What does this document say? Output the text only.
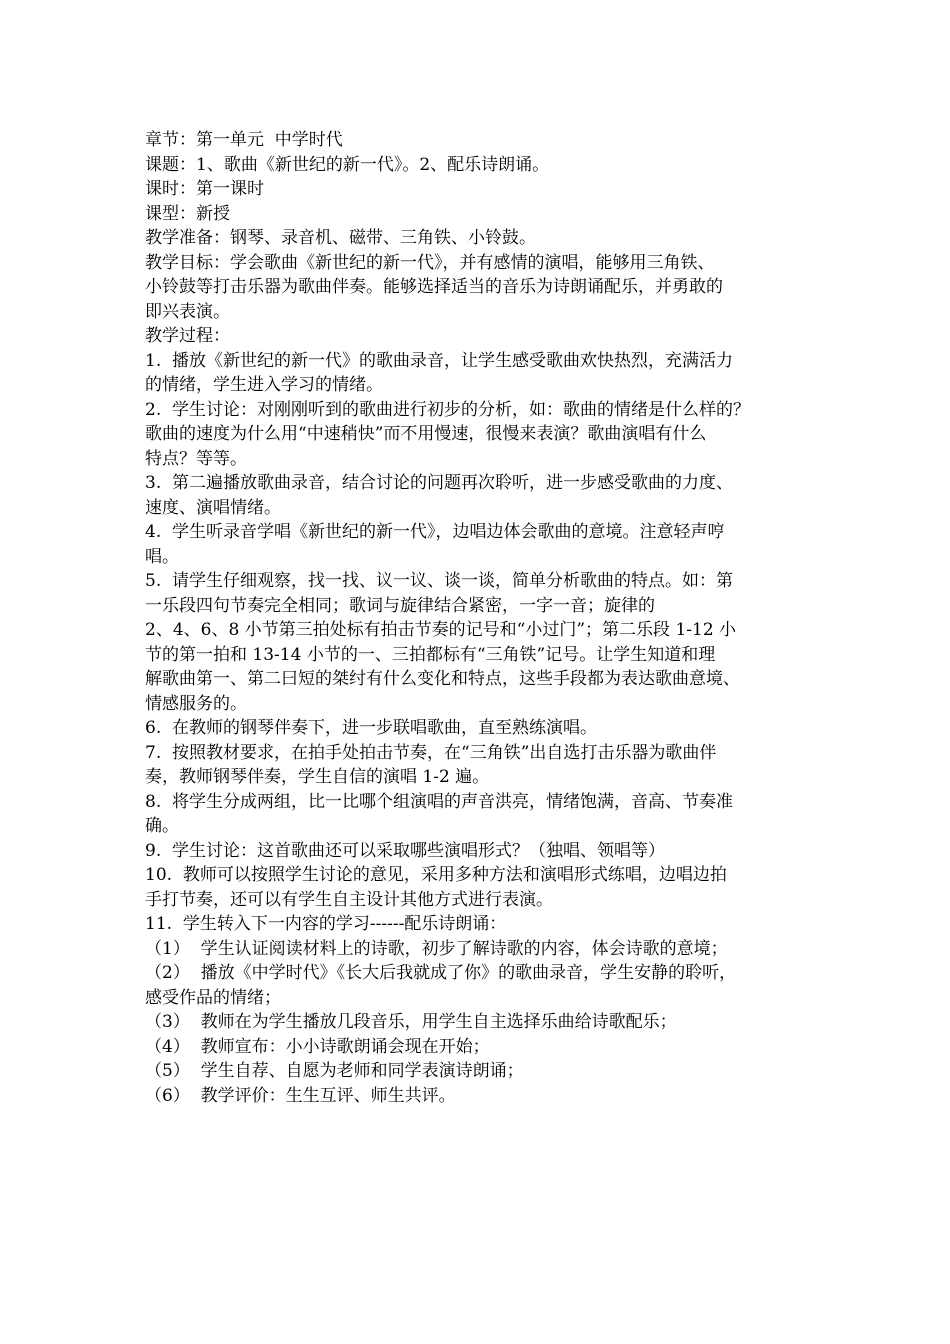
章节：第一单元  中学时代
课题：1、歌曲《新世纪的新一代》。2、配乐诗朗诵。
课时：第一课时
课型：新授
教学准备：钢琴、录音机、磁带、三角铁、小铃鼓。
教学目标：学会歌曲《新世纪的新一代》，并有感情的演唱，能够用三角铁、
小铃鼓等打击乐器为歌曲伴奏。能够选择适当的音乐为诗朗诵配乐，并勇敢的
即兴表演。
教学过程：
1.  播放《新世纪的新一代》的歌曲录音，让学生感受歌曲欢快热烈，充满活力
的情绪，学生进入学习的情绪。
2.  学生讨论：对刚刚听到的歌曲进行初步的分析，如：歌曲的情绪是什么样的？
歌曲的速度为什么用“中速稍快”而不用慢速，很慢来表演？歌曲演唱有什么
特点？等等。
3.  第二遍播放歌曲录音，结合讨论的问题再次聆听，进一步感受歌曲的力度、
速度、演唱情绪。
4.  学生听录音学唱《新世纪的新一代》，边唱边体会歌曲的意境。注意轻声哼
唱。
5.  请学生仔细观察，找一找、议一议、谈一谈，简单分析歌曲的特点。如：第
一乐段四句节奏完全相同；歌词与旋律结合紧密，一字一音；旋律的
2、4、6、8 小节第三拍处标有拍击节奏的记号和“小过门”；第二乐段 1-12 小
节的第一拍和 13-14 小节的一、三拍都标有“三角铁”记号。让学生知道和理
解歌曲第一、第二曰短的桀纣有什么变化和特点，这些手段都为表达歌曲意境、
情感服务的。
6.  在教师的钢琴伴奏下，进一步联唱歌曲，直至熟练演唱。
7.  按照教材要求，在拍手处拍击节奏，在“三角铁”出自选打击乐器为歌曲伴
奏，教师钢琴伴奏，学生自信的演唱 1-2 遍。
8.  将学生分成两组，比一比哪个组演唱的声音洪亮，情绪饱满，音高、节奏准
确。
9.  学生讨论：这首歌曲还可以采取哪些演唱形式？（独唱、领唱等）
10.  教师可以按照学生讨论的意见，采用多种方法和演唱形式练唱，边唱边拍
手打节奏，还可以有学生自主设计其他方式进行表演。
11.  学生转入下一内容的学习------配乐诗朗诵：
（1）  学生认证阅读材料上的诗歌，初步了解诗歌的内容，体会诗歌的意境；
（2）  播放《中学时代》《长大后我就成了你》的歌曲录音，学生安静的聆听，
感受作品的情绪；
（3）  教师在为学生播放几段音乐，用学生自主选择乐曲给诗歌配乐；
（4）  教师宣布：小小诗歌朗诵会现在开始；
（5）  学生自荐、自愿为老师和同学表演诗朗诵；
（6）  教学评价：生生互评、师生共评。
